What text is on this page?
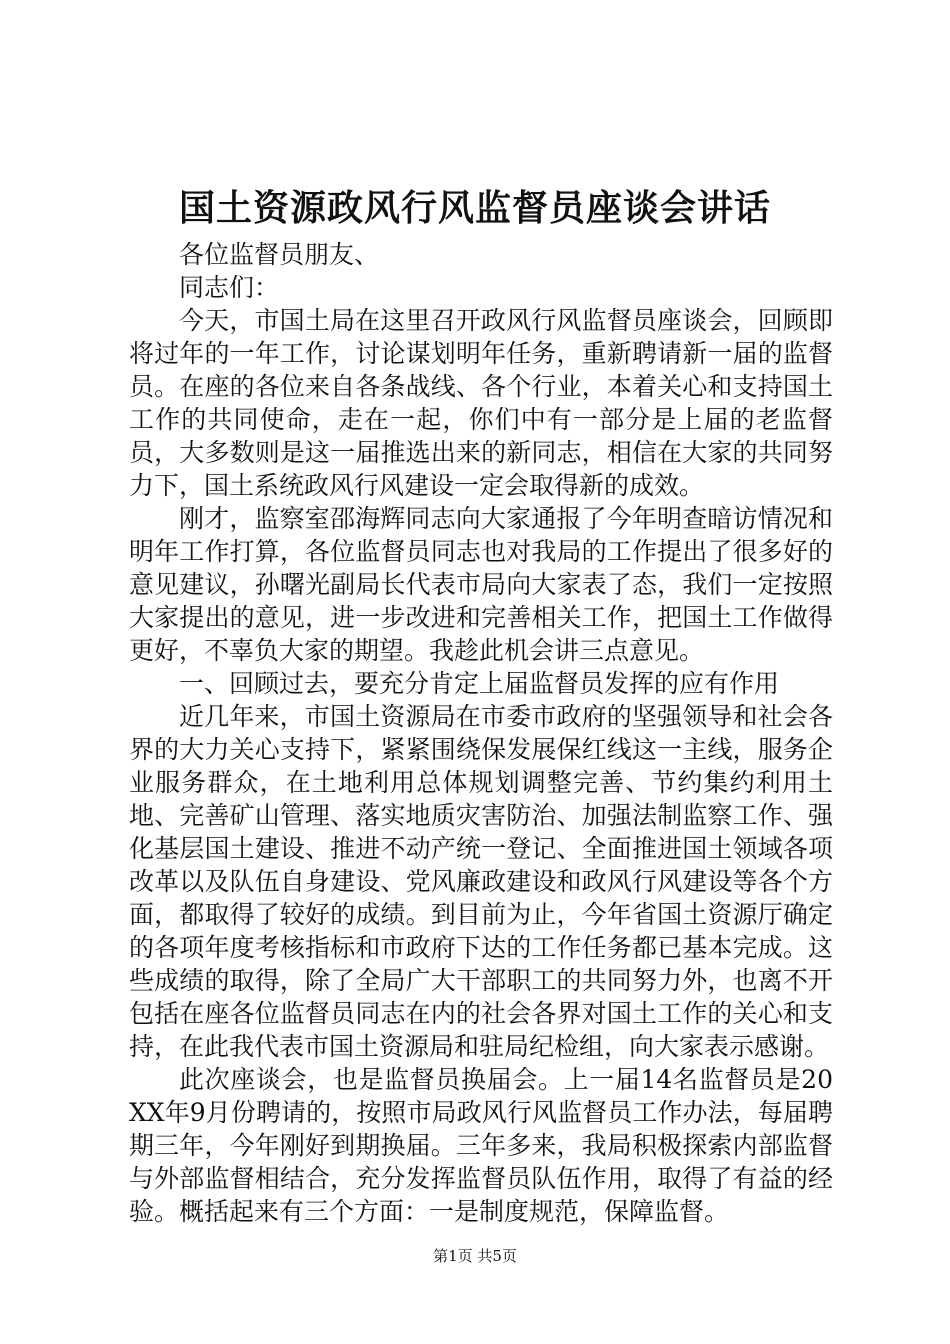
国土资源政风行风监督员座谈会讲话

各位监督员朋友、

同志们：

今天，市国土局在这里召开政风行风监督员座谈会，回顾即将过年的一年工作，讨论谋划明年任务，重新聘请新一届的监督员。在座的各位来自各条战线、各个行业，本着关心和支持国土工作的共同使命，走在一起，你们中有一部分是上届的老监督员，大多数则是这一届推选出来的新同志，相信在大家的共同努力下，国土系统政风行风建设一定会取得新的成效。

刚才，监察室邵海辉同志向大家通报了今年明查暗访情况和明年工作打算，各位监督员同志也对我局的工作提出了很多好的意见建议，孙曙光副局长代表市局向大家表了态，我们一定按照大家提出的意见，进一步改进和完善相关工作，把国土工作做得更好，不辜负大家的期望。我趁此机会讲三点意见。

一、回顾过去，要充分肯定上届监督员发挥的应有作用

近几年来，市国土资源局在市委市政府的坚强领导和社会各界的大力关心支持下，紧紧围绕保发展保红线这一主线，服务企业服务群众，在土地利用总体规划调整完善、节约集约利用土地、完善矿山管理、落实地质灾害防治、加强法制监察工作、强化基层国土建设、推进不动产统一登记、全面推进国土领域各项改革以及队伍自身建设、党风廉政建设和政风行风建设等各个方面，都取得了较好的成绩。到目前为止，今年省国土资源厅确定的各项年度考核指标和市政府下达的工作任务都已基本完成。这些成绩的取得，除了全局广大干部职工的共同努力外，也离不开包括在座各位监督员同志在内的社会各界对国土工作的关心和支持，在此我代表市国土资源局和驻局纪检组，向大家表示感谢。

此次座谈会，也是监督员换届会。上一届14名监督员是20XX年9月份聘请的，按照市局政风行风监督员工作办法，每届聘期三年，今年刚好到期换届。三年多来，我局积极探索内部监督与外部监督相结合，充分发挥监督员队伍作用，取得了有益的经验。概括起来有三个方面：一是制度规范，保障监督。

第1页 共5页
